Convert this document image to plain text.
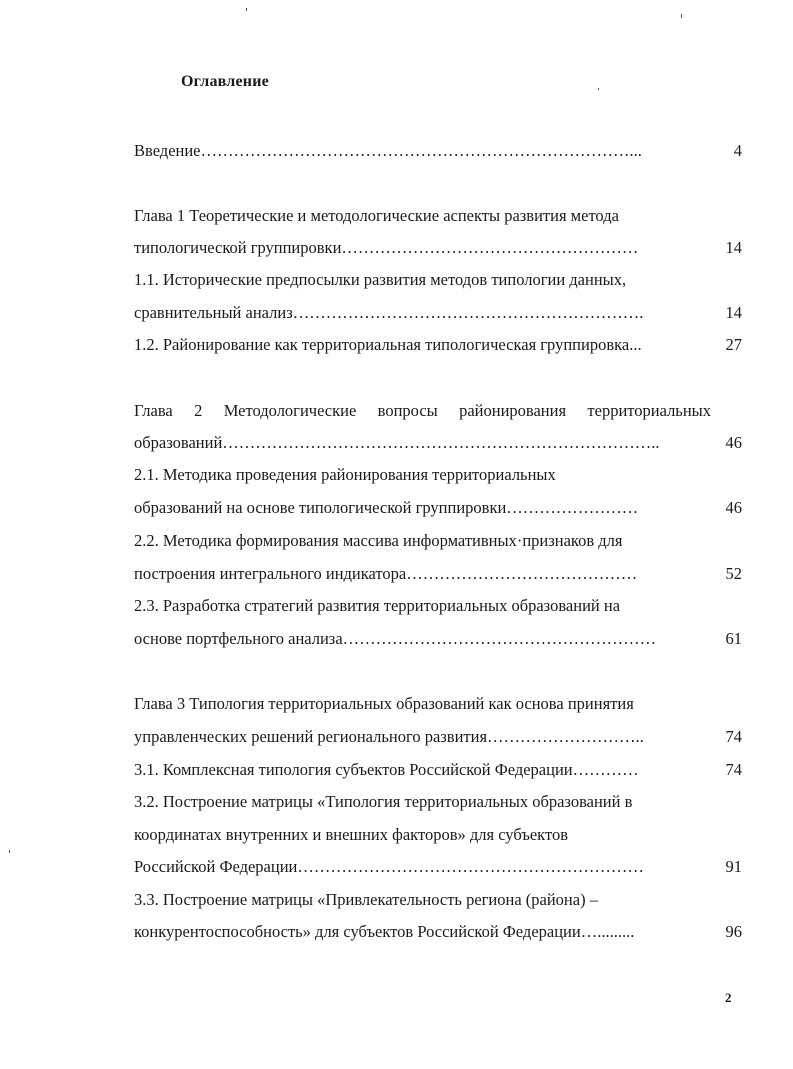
Оглавление
Введение……………………………………………………………………...	4
Глава 1 Теоретические и методологические аспекты развития метода
типологической группировки………………………………………………	14
1.1. Исторические предпосылки развития методов типологии данных,
сравнительный анализ……………………………………………………….	14
1.2. Районирование как территориальная типологическая группировка...	27
Глава 2 Методологические вопросы районирования территориальных
образований……………………………………………………………………..	46
2.1. Методика проведения районирования территориальных
образований на основе типологической группировки……………………	46
2.2. Методика формирования массива информативных·признаков для
построения интегрального индикатора……………………………………	52
2.3. Разработка стратегий развития территориальных образований на
основе портфельного анализа…………………………………………………	61
Глава 3 Типология территориальных образований как основа принятия
управленческих решений регионального развития………………………..	74
3.1. Комплексная типология субъектов Российской Федерации…………	74
3.2. Построение матрицы «Типология территориальных образований в
координатах внутренних и внешних факторов» для субъектов
Российской Федерации………………………………………………………	91
3.3. Построение матрицы «Привлекательность региона (района) –
конкурентоспособность» для субъектов Российской Федерации….........	96
2
